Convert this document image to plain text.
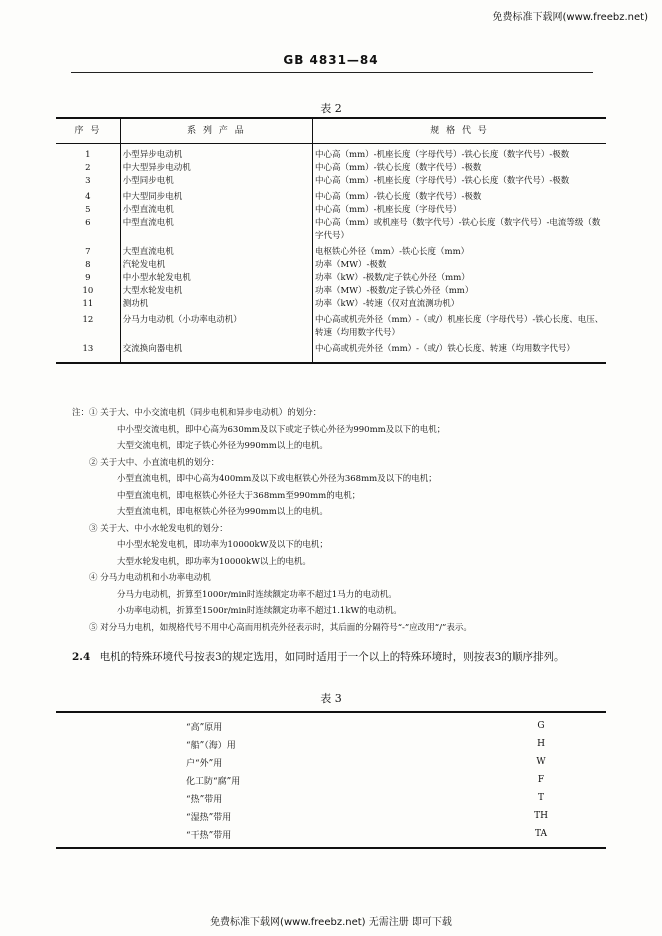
免费标准下载网(www.freebz.net)
GB 4831—84
表 2
序 号	系 列 产 品	规 格 代 号
1	小型异步电动机	中心高（mm）-机座长度（字母代号）-铁心长度（数字代号）-极数
2	中大型异步电动机	中心高（mm）-铁心长度（数字代号）-极数
3	小型同步电机	中心高（mm）-机座长度（字母代号）-铁心长度（数字代号）-极数
4	中大型同步电机	中心高（mm）-铁心长度（数字代号）-极数
5	小型直流电机	中心高（mm）-机座长度（字母代号）
6	中型直流电机	中心高（mm）或机座号（数字代号）-铁心长度（数字代号）-电流等级（数字代号）
7	大型直流电机	电枢铁心外径（mm）-铁心长度（mm）
8	汽轮发电机	功率（MW）-极数
9	中小型水轮发电机	功率（kW）-极数/定子铁心外径（mm）
10	大型水轮发电机	功率（MW）-极数/定子铁心外径（mm）
11	测功机	功率（kW）-转速（仅对直流测功机）
12	分马力电动机（小功率电动机）	中心高或机壳外径（mm）-（或/）机座长度（字母代号）-铁心长度、电压、转速（均用数字代号）
13	交流换向器电机	中心高或机壳外径（mm）-（或/）铁心长度、转速（均用数字代号）

注：① 关于大、中小交流电机（同步电机和异步电动机）的划分：

中小型交流电机，即中心高为630mm及以下或定子铁心外径为990mm及以下的电机；

大型交流电机，即定子铁心外径为990mm以上的电机。

② 关于大中、小直流电机的划分：

小型直流电机，即中心高为400mm及以下或电枢铁心外径为368mm及以下的电机；

中型直流电机，即电枢铁心外径大于368mm至990mm的电机；

大型直流电机，即电枢铁心外径为990mm以上的电机。

③ 关于大、中小水轮发电机的划分：

中小型水轮发电机，即功率为10000kW及以下的电机；

大型水轮发电机，即功率为10000kW以上的电机。

④ 分马力电动机和小功率电动机

分马力电动机，折算至1000r/min时连续额定功率不超过1马力的电动机。

小功率电动机，折算至1500r/min时连续额定功率不超过1.1kW的电动机。

⑤ 对分马力电机，如规格代号不用中心高而用机壳外径表示时，其后面的分隔符号“-”应改用“/”表示。

2.4 电机的特殊环境代号按表3的规定选用，如同时适用于一个以上的特殊环境时，则按表3的顺序排列。
表 3
“高”原用	G
“船”（海）用	H
户“外”用	W
化工防“腐”用	F
“热”带用	T
“湿热”带用	TH
“干热”带用	TA
免费标准下载网(www.freebz.net) 无需注册 即可下载
